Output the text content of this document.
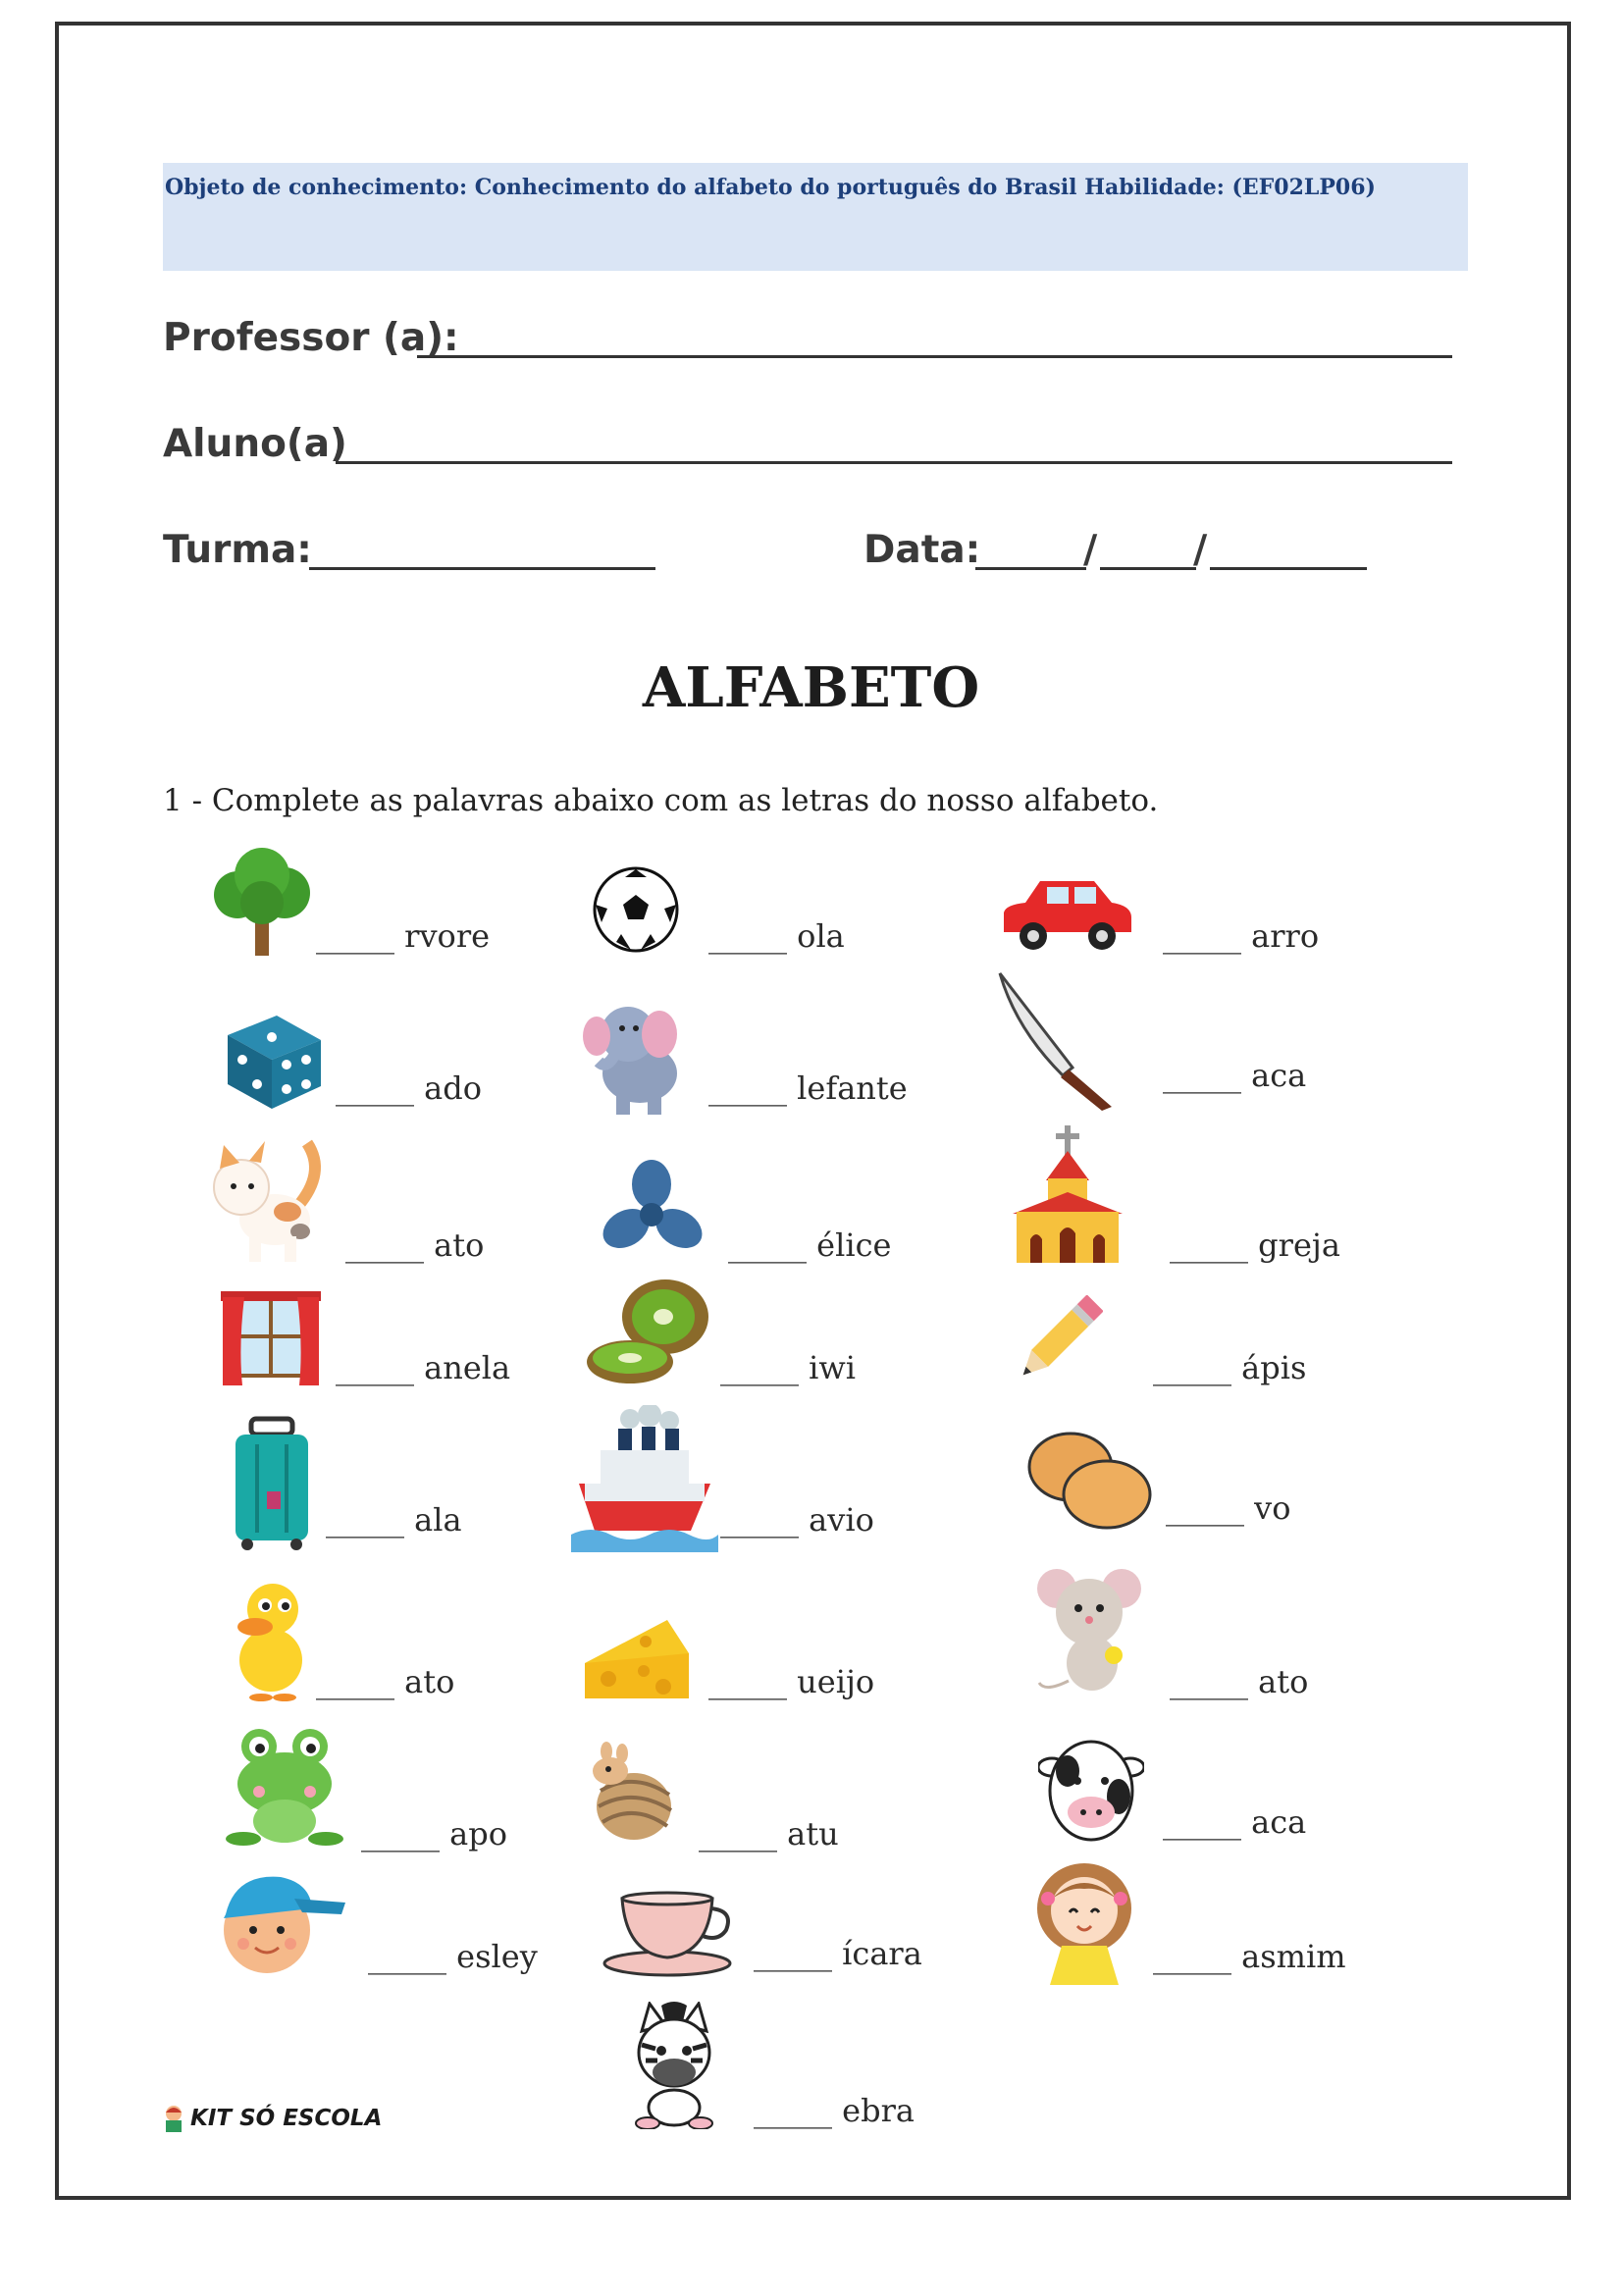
Objeto de conhecimento: Conhecimento do alfabeto do português do Brasil Habilidade: (EF02LP06)
Professor (a):
Aluno(a)
Turma:	Data:	/	/
ALFABETO
1 - Complete as palavras abaixo com as letras do nosso alfabeto.
_____ rvore	_____ ola	_____ arro
_____ ado	_____ lefante	_____ aca
_____ ato	_____ élice	_____ greja
_____ anela	_____ iwi	_____ ápis
_____ ala	_____ avio	_____ vo
_____ ato	_____ ueijo	_____ ato
_____ apo	_____ atu	_____ aca
_____ esley	_____ ícara	_____ asmim
_____ ebra
KIT SÓ ESCOLA
